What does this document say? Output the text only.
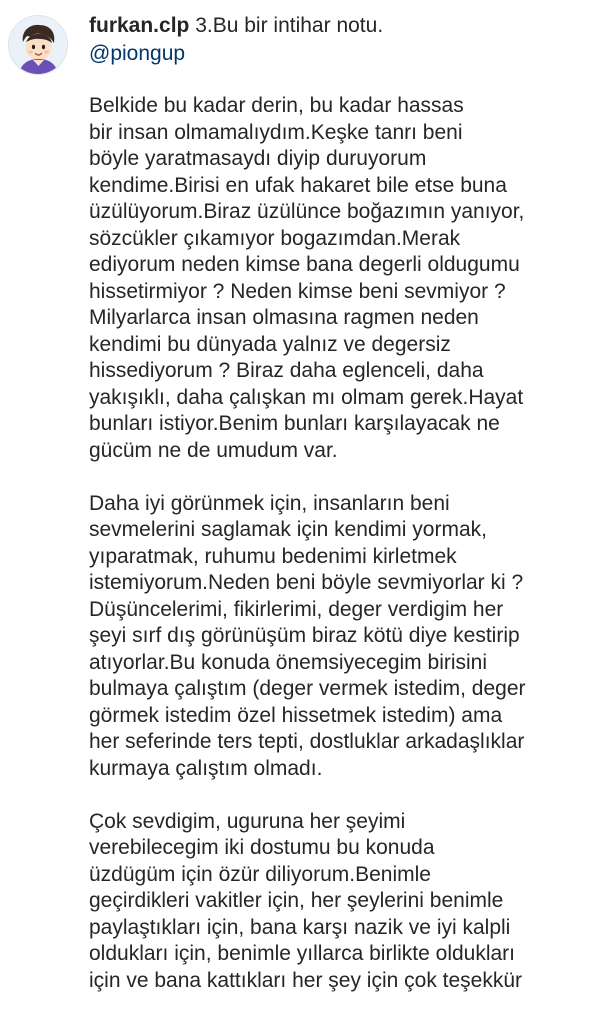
furkan.clp 3.Bu bir intihar notu.
@piongup
Belkide bu kadar derin, bu kadar hassas
bir insan olmamalıydım.Keşke tanrı beni
böyle yaratmasaydı diyip duruyorum
kendime.Birisi en ufak hakaret bile etse buna
üzülüyorum.Biraz üzülünce boğazımın yanıyor,
sözcükler çıkamıyor bogazımdan.Merak
ediyorum neden kimse bana degerli oldugumu
hissetirmiyor ? Neden kimse beni sevmiyor ?
Milyarlarca insan olmasına ragmen neden
kendimi bu dünyada yalnız ve degersiz
hissediyorum ? Biraz daha eglenceli, daha
yakışıklı, daha çalışkan mı olmam gerek.Hayat
bunları istiyor.Benim bunları karşılayacak ne
gücüm ne de umudum var.
Daha iyi görünmek için, insanların beni
sevmelerini saglamak için kendimi yormak,
yıparatmak, ruhumu bedenimi kirletmek
istemiyorum.Neden beni böyle sevmiyorlar ki ?
Düşüncelerimi, fikirlerimi, deger verdigim her
şeyi sırf dış görünüşüm biraz kötü diye kestirip
atıyorlar.Bu konuda önemsiyecegim birisini
bulmaya çalıştım (deger vermek istedim, deger
görmek istedim özel hissetmek istedim) ama
her seferinde ters tepti, dostluklar arkadaşlıklar
kurmaya çalıştım olmadı.
Çok sevdigim, uguruna her şeyimi
verebilecegim iki dostumu bu konuda
üzdügüm için özür diliyorum.Benimle
geçirdikleri vakitler için, her şeylerini benimle
paylaştıkları için, bana karşı nazik ve iyi kalpli
oldukları için, benimle yıllarca birlikte oldukları
için ve bana kattıkları her şey için çok teşekkür
